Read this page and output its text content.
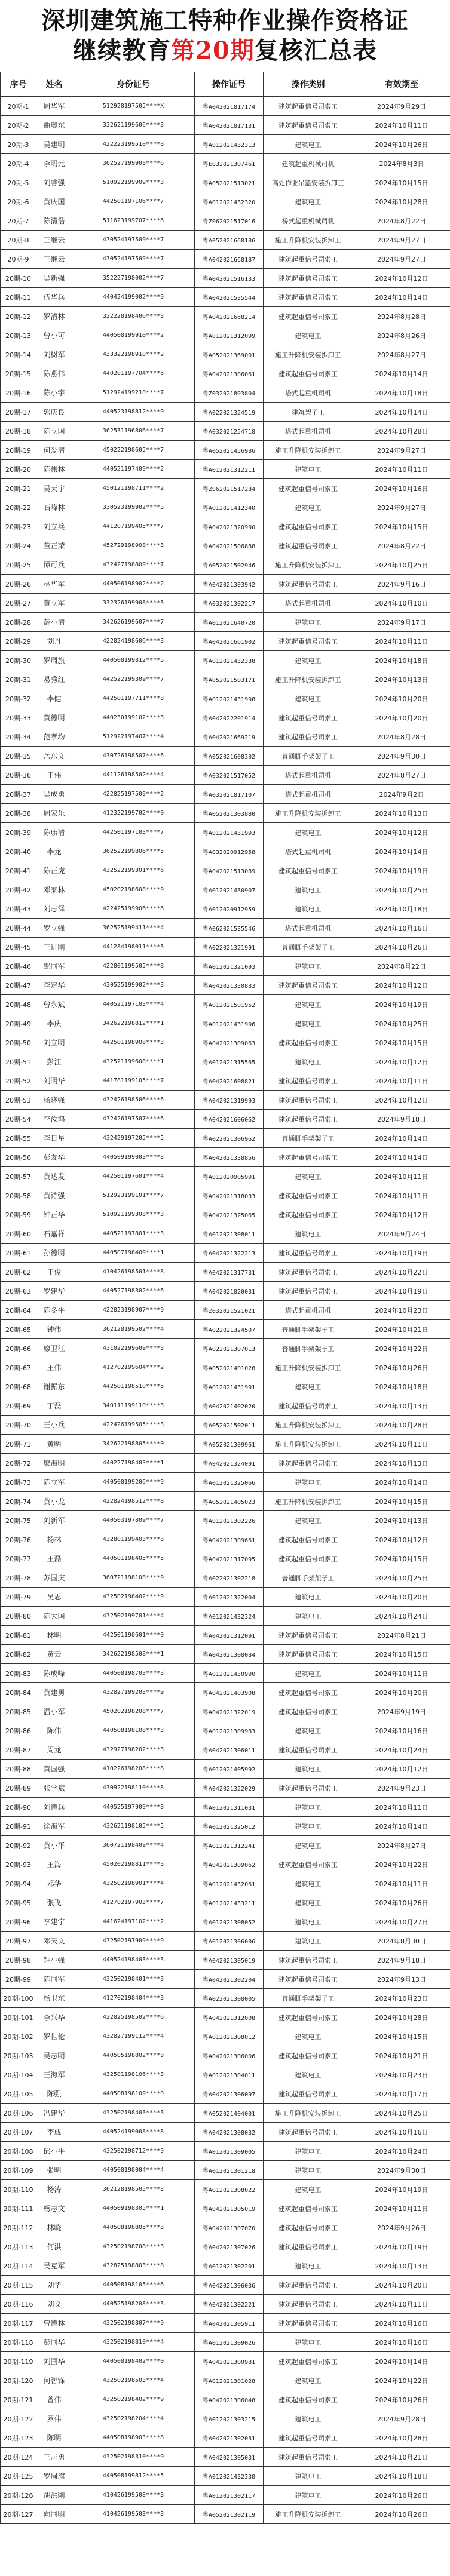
深圳建筑施工特种作业操作资格证
继续教育第20期复核汇总表
序号	姓名	身份证号	操作证号	操作类别	有效期至
20期-1	周华军	512928197505****X	粤A042021817174	建筑起重信号司索工	2024年9月29日
20期-2	曲奥东	332621199606****3	粤A042021817131	建筑起重信号司索工	2024年10月11日
20期-3	吴建明	422223199510****8	粤A012021432313	建筑电工	2024年10月26日
20期-4	李明元	362527199908****6	粤E032021307461	建筑起重机械司机	2024年8月3日
20期-5	刘睿强	510922199909****3	粤A052021513021	高处作业吊篮安装拆卸工	2024年10月15日
20期-6	黄庆国	442501197106****7	粤A012021432320	建筑电工	2024年10月28日
20期-7	陈清浩	511623199707****6	粤Z062021517016	桥式起重机械司机	2024年8月22日
20期-8	王继云	430524197509****7	粤A052021668186	施工升降机安装拆卸工	2024年9月27日
20期-9	王继云	430524197509****7	粤A042021668187	建筑起重信号司索工	2024年9月27日
20期-10	吴新强	352227198002****7	粤A042021516133	建筑起重信号司索工	2024年10月12日
20期-11	伍华兵	440424199002****9	粤A042021535544	建筑起重信号司索工	2024年10月14日
20期-12	罗清林	322228198406****3	粤A042021668214	建筑起重信号司索工	2024年8月28日
20期-13	曾小可	440508199910****2	粤A012021312099	建筑电工	2024年8月26日
20期-14	刘树军	433322198910****2	粤A052021369001	施工升降机安装拆卸工	2024年8月27日
20期-15	陈燕伟	440201197704****6	粤A042021306061	建筑起重信号司索工	2024年10月14日
20期-16	陈小宇	512924199210****7	粤Z032021893804	塔式起重机司机	2024年10月18日
20期-17	郭庆良	440523198812****9	粤A022021324519	建筑架子工	2024年10月14日
20期-18	陈立国	362531196806****7	粤A032021254718	塔式起重机司机	2024年10月28日
20期-19	何爱清	450222198605****7	粤A052021456986	施工升降机安装拆卸工	2024年9月27日
20期-20	陈伟林	440521197409****2	粤A012021312211	建筑电工	2024年10月11日
20期-21	吴天宇	450121198711****2	粤Z062021517234	建筑起重信号司索工	2024年10月16日
20期-22	石峰林	330523199902****5	粤A012021412340	建筑电工	2024年9月27日
20期-23	刘立兵	441207199405****7	粤A042021320990	建筑起重信号司索工	2024年10月15日
20期-24	董正荣	452729198908****3	粤A042021506888	建筑起重信号司索工	2024年8月22日
20期-25	谭可兵	432427198809****7	粤A052021502946	施工升降机安装拆卸工	2024年10月25日
20期-26	林华军	440506198902****2	粤A042021303942	建筑起重信号司索工	2024年9月16日
20期-27	黄立军	332326199908****3	粤A032021302217	塔式起重机司机	2024年10月10日
20期-28	薛小清	342626199607****7	粤A012021640720	建筑电工	2024年9月17日
20期-29	刘丹	422824198606****3	粤A042021661902	建筑起重信号司索工	2024年10月11日
20期-30	罗周旗	440508199812****5	粤A012021432338	建筑电工	2024年10月18日
20期-31	易秀红	442522199309****7	粤A052021503171	施工升降机安装拆卸工	2024年10月13日
20期-32	李健	442501197711****8	粤A012021431998	建筑电工	2024年10月20日
20期-33	黄德明	440230199102****3	粤A042022201914	建筑起重信号司索工	2024年10月20日
20期-34	范孝均	512922197407****4	粤A042021669219	建筑起重信号司索工	2024年8月28日
20期-35	岳东文	430726198507****6	粤A052021608302	普通脚手架架子工	2024年9月30日
20期-36	王伟	441126198502****4	粤A032021517052	塔式起重机司机	2024年8月27日
20期-37	吴成勇	422825197509****2	粤A032021817107	塔式起重机司机	2024年9月2日
20期-38	周家乐	412322199702****0	粤A052021303880	施工升降机安装拆卸工	2024年10月13日
20期-39	陈康清	442501197103****7	粤A012021431993	建筑电工	2024年10月12日
20期-40	李龙	362522199806****5	粤A032020912958	塔式起重机司机	2024年10月14日
20期-41	陈正虎	432522199301****6	粤A042021513089	建筑起重信号司索工	2024年10月19日
20期-42	邓家林	450202198608****9	粤A012021430907	建筑电工	2024年10月25日
20期-43	刘志泽	422425199906****6	粤A012020912959	建筑电工	2024年10月18日
20期-44	罗立强	362525199411****4	粤A062021535546	塔式起重机司机	2024年10月16日
20期-45	王进刚	441284198011****3	粤A022021321991	普通脚手架架子工	2024年10月26日
20期-46	邹国军	422801199505****8	粤A012021321093	建筑电工	2024年8月22日
20期-47	李定华	430525199902****3	粤A042021330883	建筑起重信号司索工	2024年10月12日
20期-48	曾永斌	440521197103****4	粤A012021501952	建筑电工	2024年10月19日
20期-49	李庆	342622198812****1	粤A012021431996	建筑电工	2024年10月25日
20期-50	刘立明	442501198908****3	粤A042021309063	建筑起重信号司索工	2024年10月15日
20期-51	彭江	432521199608****1	粤A012021315565	建筑电工	2024年10月12日
20期-52	刘明华	441781199105****7	粤A042021608821	建筑起重信号司索工	2024年10月11日
20期-53	杨晓强	432426198506****6	粤A042021319993	建筑起重信号司索工	2024年10月12日
20期-54	李汝鸿	432426197507****6	粤A042021606062	建筑起重信号司索工	2024年9月18日
20期-55	李日星	432429197205****5	粤A022021306962	普通脚手架架子工	2024年10月14日
20期-56	彭友华	440509199003****3	粤A042021338856	建筑起重信号司索工	2024年10月14日
20期-57	黄达发	442501197601****4	粤A012020905991	建筑电工	2024年10月11日
20期-58	黄诗强	512923199101****7	粤A042021318033	建筑起重信号司索工	2024年10月11日
20期-59	钟正华	510921199308****3	粤A042021325065	建筑起重信号司索工	2024年10月12日
20期-60	石嘉祥	440521197801****3	粤A012021308011	建筑电工	2024年9月24日
20期-61	孙德明	440507198409****1	粤A042021322213	建筑起重信号司索工	2024年10月19日
20期-62	王俊	410426198501****8	粤A042021317731	建筑起重信号司索工	2024年10月22日
20期-63	罗建华	440527198302****6	粤A042021820031	建筑起重信号司索工	2024年10月19日
20期-64	陈冬平	422823198907****9	粤Z032021521021	塔式起重机司机	2024年10月23日
20期-65	钟伟	362128199502****4	粤A022021324507	普通脚手架架子工	2024年10月21日
20期-66	廖卫江	431022199609****3	粤A022021307013	普通脚手架架子工	2024年10月22日
20期-67	王伟	412702199604****2	粤A052021401028	施工升降机安装拆卸工	2024年10月26日
20期-68	谢振东	442501198510****5	粤A012021431991	建筑电工	2024年10月18日
20期-69	丁磊	340111199110****3	粤A042021402020	建筑起重信号司索工	2024年10月13日
20期-70	王小兵	422426199505****3	粤A052021502011	施工升降机安装拆卸工	2024年10月28日
20期-71	黄明	342622198805****0	粤A052021309961	施工升降机安装拆卸工	2024年10月11日
20期-72	廖海明	440227198403****1	粤A042021324091	建筑起重信号司索工	2024年10月13日
20期-73	陈立军	440508199206****9	粤A012021325066	建筑电工	2024年10月14日
20期-74	黄小龙	422824198512****8	粤A052021405023	施工升降机安装拆卸工	2024年10月15日
20期-75	刘新军	440503197809****7	粤A012021302226	建筑电工	2024年10月13日
20期-76	杨林	432801199403****8	粤A042021309661	建筑起重信号司索工	2024年10月12日
20期-77	王磊	440501198405****5	粤A042021317095	建筑起重信号司索工	2024年10月15日
20期-78	苏国庆	360721198108****9	粤A022021302218	普通脚手架架子工	2024年10月25日
20期-79	吴志	432502198402****9	粤A012021322004	建筑电工	2024年10月20日
20期-80	陈大国	432502199701****4	粤A012021432324	建筑电工	2024年10月24日
20期-81	林明	442501198601****0	粤A042021312091	建筑起重信号司索工	2024年8月21日
20期-82	黄云	342622198508****1	粤A042021308084	建筑起重信号司索工	2024年10月15日
20期-83	陈成峰	440508198703****3	粤A012021430990	建筑电工	2024年10月11日
20期-84	黄建勇	432827199203****9	粤A042021403908	建筑起重信号司索工	2024年10月20日
20期-85	温小军	450202198208****7	粤A042021322019	建筑起重信号司索工	2024年9月19日
20期-86	陈伟	440508198108****3	粤A012021309983	建筑电工	2024年10月16日
20期-87	周龙	432927198202****3	粤A042021306011	建筑起重信号司索工	2024年10月24日
20期-88	黄国强	410226198208****8	粤A012021405992	建筑电工	2024年10月12日
20期-89	张学斌	430922198110****8	粤A042021322029	建筑起重信号司索工	2024年9月23日
20期-90	刘德兵	440525197909****8	粤A012021311031	建筑电工	2024年10月11日
20期-91	徐海军	432621198105****5	粤A012021325012	建筑电工	2024年10月14日
20期-92	黄小平	360721198409****4	粤A012021312241	建筑电工	2024年8月27日
20期-93	王海	450202198811****3	粤A042021309062	建筑起重信号司索工	2024年10月22日
20期-94	邓华	432502198901****4	粤A012021432061	建筑电工	2024年10月11日
20期-95	张飞	412702197903****7	粤A012021433211	建筑电工	2024年10月26日
20期-96	李建宁	441624197102****2	粤A012021308052	建筑电工	2024年10月27日
20期-97	邓天文	432502197909****9	粤A012021306006	建筑电工	2024年8月30日
20期-98	钟小强	440524198403****3	粤A042021305019	建筑起重信号司索工	2024年9月18日
20期-99	陈国军	432502198401****3	粤A042021302204	建筑起重信号司索工	2024年9月13日
20期-100	杨卫东	412702198404****3	粤A022021308005	普通脚手架架子工	2024年10月23日
20期-101	李兴华	422825198502****6	粤A042021312008	建筑起重信号司索工	2024年10月28日
20期-102	罗世伦	432827199112****4	粤A012021308012	建筑电工	2024年10月15日
20期-103	吴志明	440505198802****8	粤A042021306006	建筑起重信号司索工	2024年10月21日
20期-104	王海军	432501198106****3	粤A012021304011	建筑电工	2024年10月23日
20期-105	陈强	440508198109****0	粤A042021306097	建筑起重信号司索工	2024年10月17日
20期-106	冯建华	432502198403****3	粤A052021404001	施工升降机安装拆卸工	2024年10月25日
20期-107	李成	440524199008****8	粤A042021308032	建筑起重信号司索工	2024年10月16日
20期-108	邱小平	432502198712****9	粤A012021309005	建筑电工	2024年10月24日
20期-109	张明	440508198004****4	粤A012021301218	建筑电工	2024年9月30日
20期-110	杨涛	362128198505****3	粤A012021308022	建筑电工	2024年10月19日
20期-111	杨志文	440509198305****1	粤A042021305019	建筑起重信号司索工	2024年10月11日
20期-112	林晓	440508198805****3	粤A042021307070	建筑起重信号司索工	2024年9月26日
20期-113	何洪	432502198708****3	粤A042021307026	建筑起重信号司索工	2024年10月19日
20期-114	吴克军	432825198803****8	粤A012021302201	建筑电工	2024年10月13日
20期-115	刘华	440508198105****6	粤A042021306036	建筑起重信号司索工	2024年10月20日
20期-116	刘文	440525198208****3	粤A042021302221	建筑起重信号司索工	2024年10月11日
20期-117	曾德林	432502198807****9	粤A042021305911	建筑起重信号司索工	2024年10月16日
20期-118	彭国华	432502198810****4	粤A012021309026	建筑电工	2024年10月16日
20期-119	刘国华	440508198402****0	粤A042021300981	建筑起重信号司索工	2024年10月14日
20期-120	何智锋	432502198503****4	粤A012021301028	建筑电工	2024年10月22日
20期-121	曾伟	432502198402****9	粤A042021306048	建筑起重信号司索工	2024年10月26日
20期-122	罗伟	432502198204****4	粤A012021303215	建筑电工	2024年9月28日
20期-123	陈明	440508198903****8	粤A042021302031	建筑起重信号司索工	2024年10月28日
20期-124	王志勇	432502198310****9	粤A042021305031	建筑起重信号司索工	2024年10月21日
20期-125	罗周旗	440508199812****5	粤A012021432338	建筑电工	2024年10月18日
20期-126	胡洪刚	410426199508****3	粤A012021302117	建筑电工	2024年10月26日
20期-127	向国明	410426199503****3	粤A052021302119	施工升降机安装拆卸工	2024年10月26日
